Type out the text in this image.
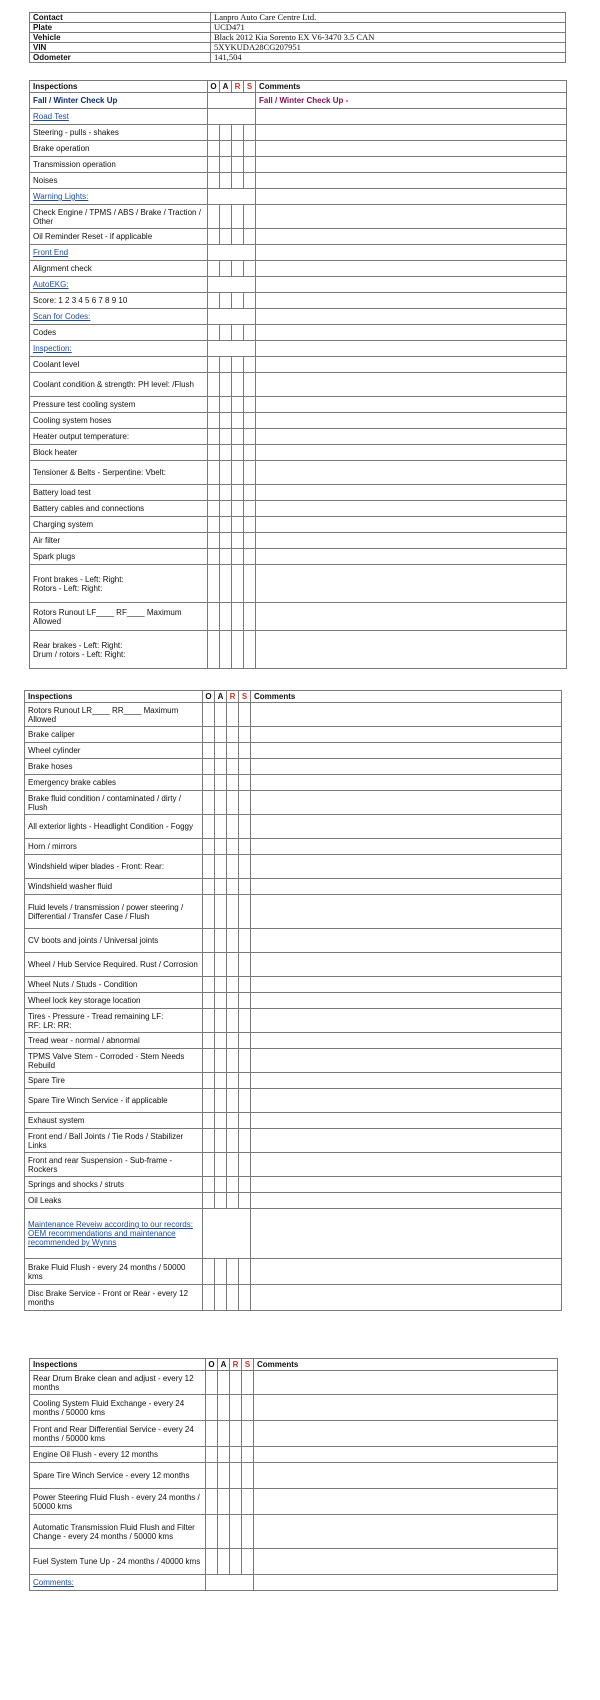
Contact	Lanpro Auto Care Centre Ltd.
Plate	UCD471
Vehicle	Black 2012 Kia Sorento EX V6-3470 3.5 CAN
VIN	5XYKUDA28CG207951
Odometer	141,504
Inspections	O	A	R	S	Comments
Fall / Winter Check Up					Fall / Winter Check Up -
Road Test					
Steering - pulls - shakes					
Brake operation					
Transmission operation					
Noises					
Warning Lights:					
Check Engine / TPMS / ABS / Brake / Traction / Other					
Oil Reminder Reset - if applicable					
Front End					
Alignment check					
AutoEKG:					
Score: 1 2 3 4 5 6 7 8 9 10					
Scan for Codes:					
Codes					
Inspection:					
Coolant level					
Coolant condition & strength: PH level: /Flush					
Pressure test cooling system					
Cooling system hoses					
Heater output temperature:					
Block heater					
Tensioner & Belts - Serpentine: Vbelt:					
Battery load test					
Battery cables and connections					
Charging system					
Air filter					
Spark plugs					
Front brakes - Left: Right:
Rotors - Left: Right:					
Rotors Runout LF____ RF____ Maximum Allowed					
Rear brakes - Left: Right:
Drum / rotors - Left: Right:					
Inspections	O	A	R	S	Comments
Rotors Runout LR____ RR____ Maximum Allowed					
Brake caliper					
Wheel cylinder					
Brake hoses					
Emergency brake cables					
Brake fluid condition / contaminated / dirty / Flush					
All exterior lights - Headlight Condition - Foggy					
Horn / mirrors					
Windshield wiper blades - Front: Rear:					
Windshield washer fluid					
Fluid levels / transmission / power steering / Differential / Transfer Case / Flush					
CV boots and joints / Universal joints					
Wheel / Hub Service Required. Rust / Corrosion					
Wheel Nuts / Studs - Condition					
Wheel lock key storage location					
Tires - Pressure - Tread remaining LF:
RF: LR: RR:					
Tread wear - normal / abnormal					
TPMS Valve Stem - Corroded - Stem Needs Rebuild					
Spare Tire					
Spare Tire Winch Service - if applicable					
Exhaust system					
Front end / Ball Joints / Tie Rods / Stabilizer Links					
Front and rear Suspension - Sub-frame - Rockers					
Springs and shocks / struts					
Oil Leaks					
Maintenance Reveiw according to our records: OEM recommendations and maintenance recommended by Wynns					
Brake Fluid Flush - every 24 months / 50000 kms					
Disc Brake Service - Front or Rear - every 12 months					
Inspections	O	A	R	S	Comments
Rear Drum Brake clean and adjust - every 12 months					
Cooling System Fluid Exchange - every 24 months / 50000 kms					
Front and Rear Differential Service - every 24 months / 50000 kms					
Engine Oil Flush - every 12 months					
Spare Tire Winch Service - every 12 months					
Power Steering Fluid Flush - every 24 months / 50000 kms					
Automatic Transmission Fluid Flush and Filter Change - every 24 months / 50000 kms					
Fuel System Tune Up - 24 months / 40000 kms					
Comments:					
